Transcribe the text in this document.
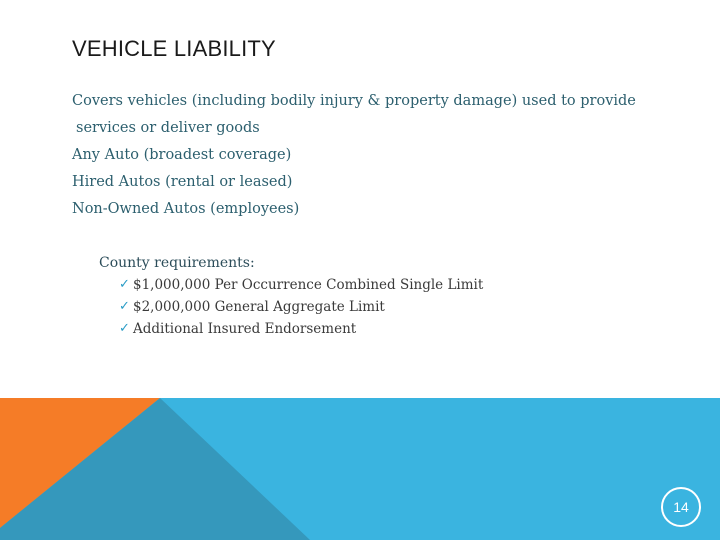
VEHICLE LIABILITY
Covers vehicles (including bodily injury & property damage) used to provide
services or deliver goods
Any Auto (broadest coverage)
Hired Autos (rental or leased)
Non-Owned Autos (employees)
County requirements:
✓ $1,000,000 Per Occurrence Combined Single Limit
✓ $2,000,000 General Aggregate Limit
✓ Additional Insured Endorsement
14
